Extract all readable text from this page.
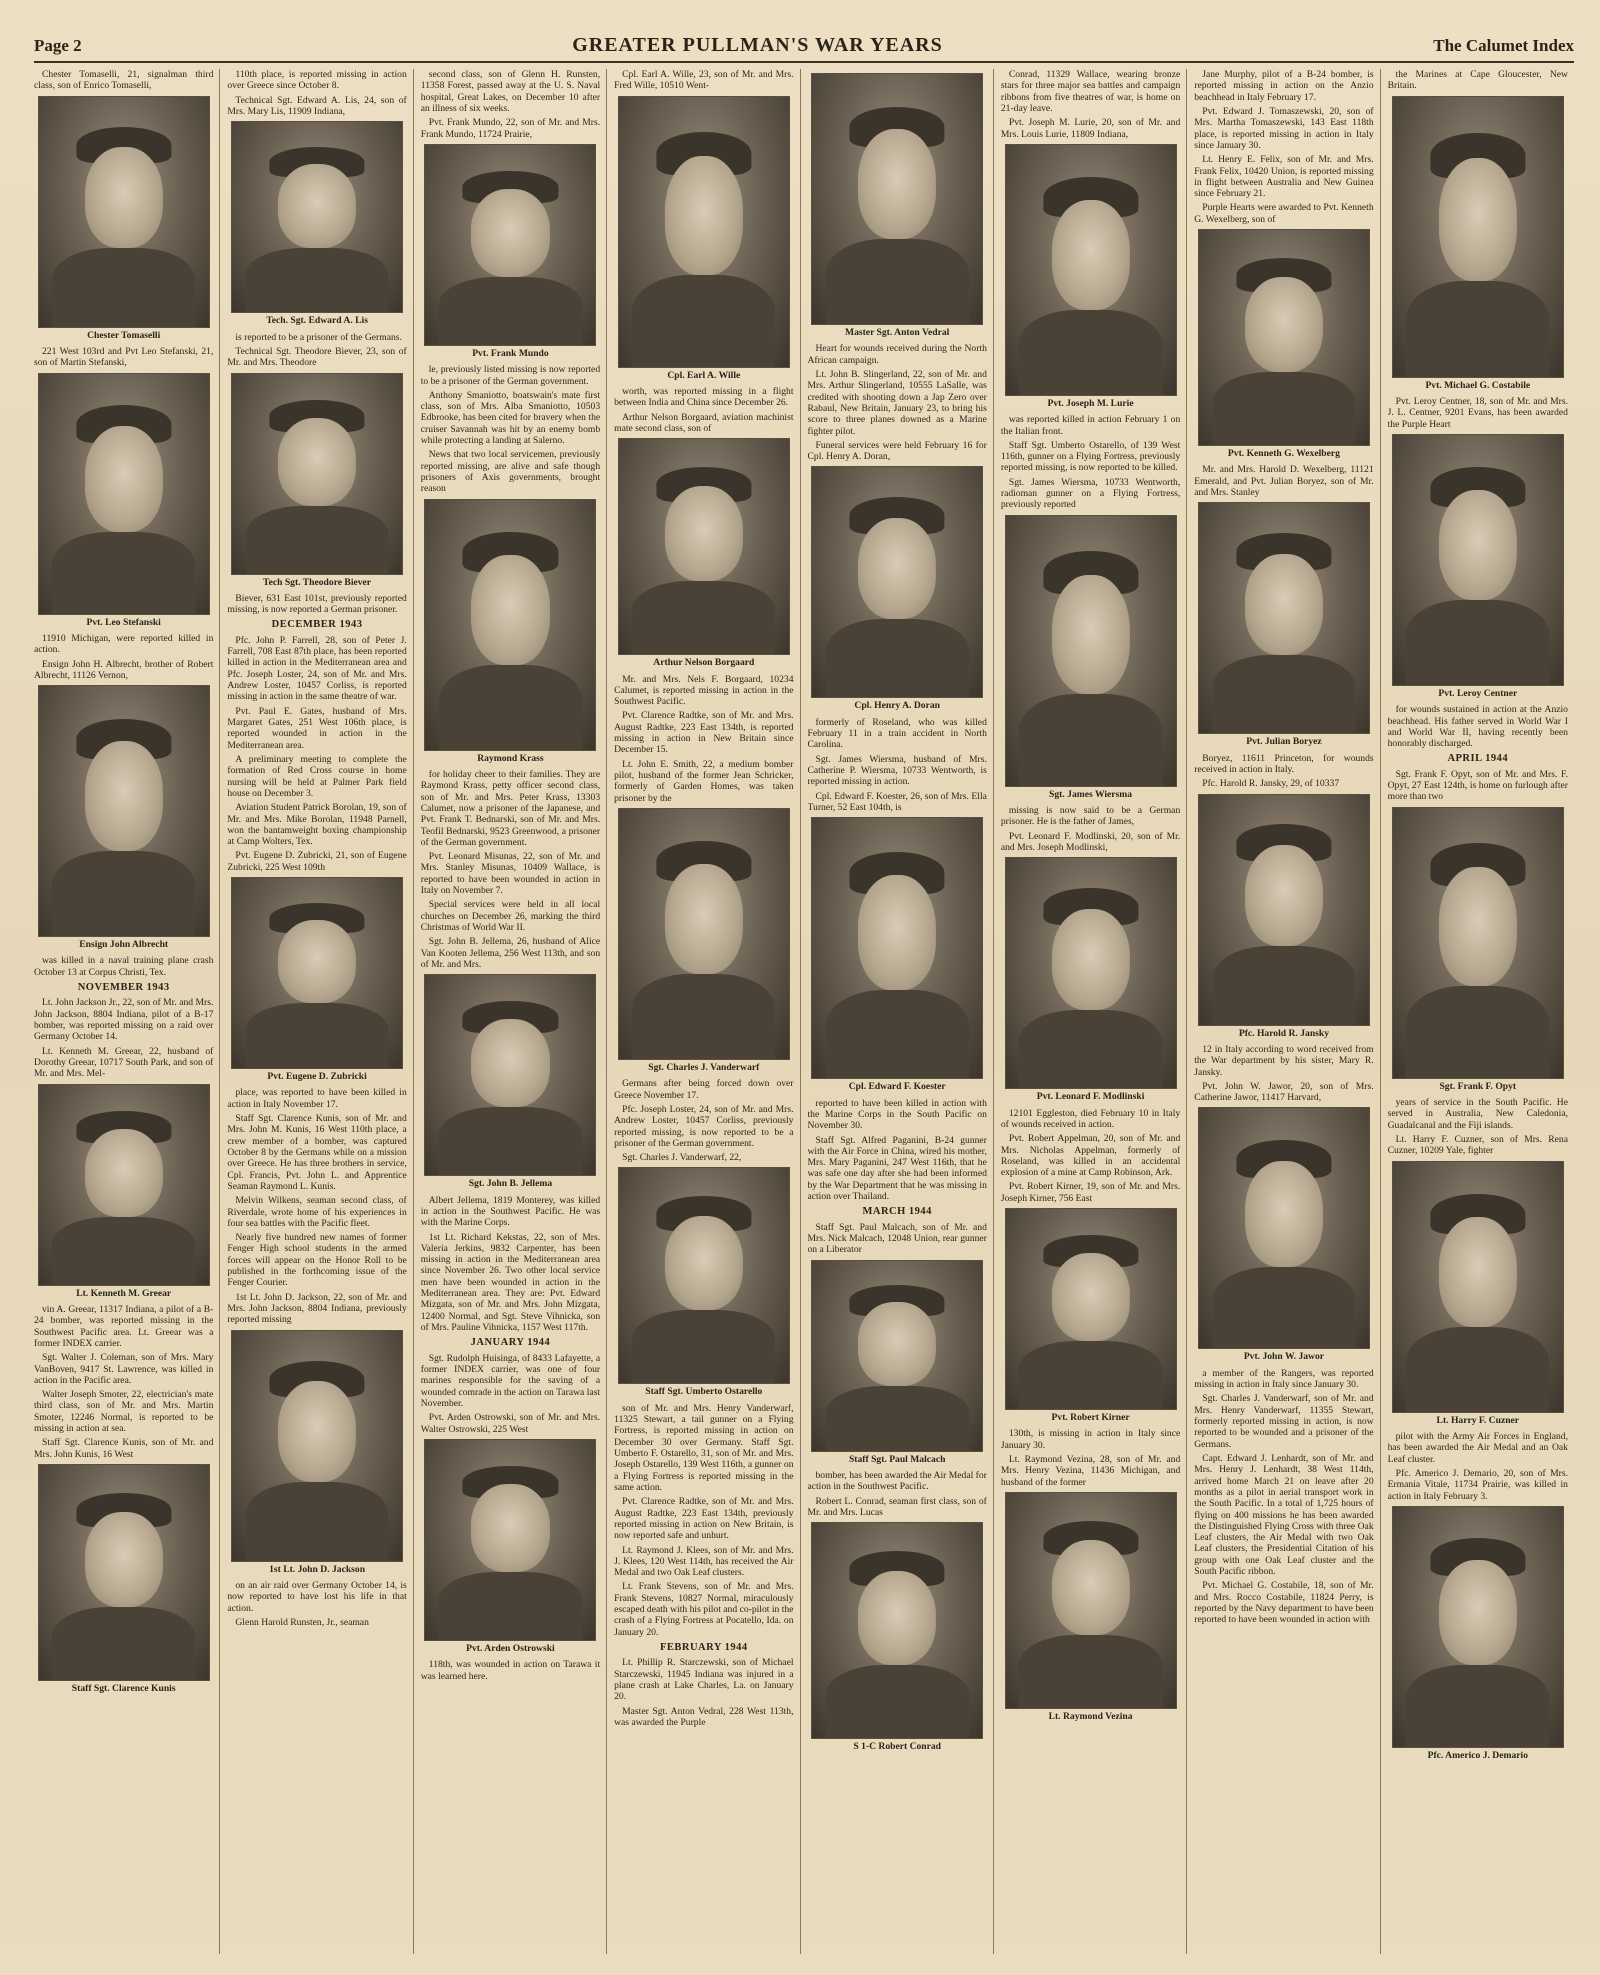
Page 2	GREATER PULLMAN'S WAR YEARS	The Calumet Index

Chester Tomaselli, 21, signalman third class, son of Enrico Tomaselli,

Chester Tomaselli

221 West 103rd and Pvt Leo Stefanski, 21, son of Martin Stefanski,

Pvt. Leo Stefanski

11910 Michigan, were reported killed in action.

Ensign John H. Albrecht, brother of Robert Albrecht, 11126 Vernon,

Ensign John Albrecht

was killed in a naval training plane crash October 13 at Corpus Christi, Tex.

NOVEMBER 1943

Lt. John Jackson Jr., 22, son of Mr. and Mrs. John Jackson, 8804 Indiana, pilot of a B-17 bomber, was reported missing on a raid over Germany October 14.

Lt. Kenneth M. Greear, 22, husband of Dorothy Greear, 10717 South Park, and son of Mr. and Mrs. Mel-

Lt. Kenneth M. Greear

vin A. Greear, 11317 Indiana, a pilot of a B-24 bomber, was reported missing in the Southwest Pacific area. Lt. Greear was a former INDEX carrier.

Sgt. Walter J. Coleman, son of Mrs. Mary VanBoven, 9417 St. Lawrence, was killed in action in the Pacific area.

Walter Joseph Smoter, 22, electrician's mate third class, son of Mr. and Mrs. Martin Smoter, 12246 Normal, is reported to be missing in action at sea.

Staff Sgt. Clarence Kunis, son of Mr. and Mrs. John Kunis, 16 West

Staff Sgt. Clarence Kunis

110th place, is reported missing in action over Greece since October 8.

Technical Sgt. Edward A. Lis, 24, son of Mrs. Mary Lis, 11909 Indiana,

Tech. Sgt. Edward A. Lis

is reported to be a prisoner of the Germans.

Technical Sgt. Theodore Biever, 23, son of Mr. and Mrs. Theodore

Tech Sgt. Theodore Biever

Biever, 631 East 101st, previously reported missing, is now reported a German prisoner.

DECEMBER 1943

Pfc. John P. Farrell, 28, son of Peter J. Farrell, 708 East 87th place, has been reported killed in action in the Mediterranean area and Pfc. Joseph Loster, 24, son of Mr. and Mrs. Andrew Loster, 10457 Corliss, is reported missing in action in the same theatre of war.

Pvt. Paul E. Gates, husband of Mrs. Margaret Gates, 251 West 106th place, is reported wounded in action in the Mediterranean area.

A preliminary meeting to complete the formation of Red Cross course in home nursing will be held at Palmer Park field house on December 3.

Aviation Student Patrick Borolan, 19, son of Mr. and Mrs. Mike Borolan, 11948 Parnell, won the bantamweight boxing championship at Camp Wolters, Tex.

Pvt. Eugene D. Zubricki, 21, son of Eugene Zubricki, 225 West 109th

Pvt. Eugene D. Zubricki

place, was reported to have been killed in action in Italy November 17.

Staff Sgt. Clarence Kunis, son of Mr. and Mrs. John M. Kunis, 16 West 110th place, a crew member of a bomber, was captured October 8 by the Germans while on a mission over Greece. He has three brothers in service, Cpl. Francis, Pvt. John L. and Apprentice Seaman Raymond L. Kunis.

Melvin Wilkens, seaman second class, of Riverdale, wrote home of his experiences in four sea battles with the Pacific fleet.

Nearly five hundred new names of former Fenger High school students in the armed forces will appear on the Honor Roll to be published in the forthcoming issue of the Fenger Courier.

1st Lt. John D. Jackson, 22, son of Mr. and Mrs. John Jackson, 8804 Indiana, previously reported missing

1st Lt. John D. Jackson

on an air raid over Germany October 14, is now reported to have lost his life in that action.

Glenn Harold Runsten, Jr., seaman

second class, son of Glenn H. Runsten, 11358 Forest, passed away at the U. S. Naval hospital, Great Lakes, on December 10 after an illness of six weeks.

Pvt. Frank Mundo, 22, son of Mr. and Mrs. Frank Mundo, 11724 Prairie,

Pvt. Frank Mundo

le, previously listed missing is now reported to be a prisoner of the German government.

Anthony Smaniotto, boatswain's mate first class, son of Mrs. Alba Smaniotto, 10503 Edbrooke, has been cited for bravery when the cruiser Savannah was hit by an enemy bomb while protecting a landing at Salerno.

News that two local servicemen, previously reported missing, are alive and safe though prisoners of Axis governments, brought reason

Raymond Krass

for holiday cheer to their families. They are Raymond Krass, petty officer second class, son of Mr. and Mrs. Peter Krass, 13303 Calumet, now a prisoner of the Japanese, and Pvt. Frank T. Bednarski, son of Mr. and Mrs. Teofil Bednarski, 9523 Greenwood, a prisoner of the German government.

Pvt. Leonard Misunas, 22, son of Mr. and Mrs. Stanley Misunas, 10409 Wallace, is reported to have been wounded in action in Italy on November 7.

Special services were held in all local churches on December 26, marking the third Christmas of World War II.

Sgt. John B. Jellema, 26, husband of Alice Van Kooten Jellema, 256 West 113th, and son of Mr. and Mrs.

Sgt. John B. Jellema

Albert Jellema, 1819 Monterey, was killed in action in the Southwest Pacific. He was with the Marine Corps.

1st Lt. Richard Kekstas, 22, son of Mrs. Valeria Jerkins, 9832 Carpenter, has been missing in action in the Mediterranean area since November 26. Two other local service men have been wounded in action in the Mediterranean area. They are: Pvt. Edward Mizgata, son of Mr. and Mrs. John Mizgata, 12400 Normal, and Sgt. Steve Vihnicka, son of Mrs. Pauline Vihnicka, 1157 West 117th.

JANUARY 1944

Sgt. Rudolph Huisinga, of 8433 Lafayette, a former INDEX carrier, was one of four marines responsible for the saving of a wounded comrade in the action on Tarawa last November.

Pvt. Arden Ostrowski, son of Mr. and Mrs. Walter Ostrowski, 225 West

Pvt. Arden Ostrowski

118th, was wounded in action on Tarawa it was learned here.

Cpl. Earl A. Wille, 23, son of Mr. and Mrs. Fred Wille, 10510 Went-

Cpl. Earl A. Wille

worth, was reported missing in a flight between India and China since December 26.

Arthur Nelson Borgaard, aviation machinist mate second class, son of

Arthur Nelson Borgaard

Mr. and Mrs. Nels F. Borgaard, 10234 Calumet, is reported missing in action in the Southwest Pacific.

Pvt. Clarence Radtke, son of Mr. and Mrs. August Radtke, 223 East 134th, is reported missing in action in New Britain since December 15.

Lt. John E. Smith, 22, a medium bomber pilot, husband of the former Jean Schricker, formerly of Garden Homes, was taken prisoner by the

Sgt. Charles J. Vanderwarf

Germans after being forced down over Greece November 17.

Pfc. Joseph Loster, 24, son of Mr. and Mrs. Andrew Loster, 10457 Corliss, previously reported missing, is now reported to be a prisoner of the German government.

Sgt. Charles J. Vanderwarf, 22,

Staff Sgt. Umberto Ostarello

son of Mr. and Mrs. Henry Vanderwarf, 11325 Stewart, a tail gunner on a Flying Fortress, is reported missing in action on December 30 over Germany. Staff Sgt. Umberto F. Ostarello, 31, son of Mr. and Mrs. Joseph Ostarello, 139 West 116th, a gunner on a Flying Fortress is reported missing in the same action.

Pvt. Clarence Radtke, son of Mr. and Mrs. August Radtke, 223 East 134th, previously reported missing in action on New Britain, is now reported safe and unhurt.

Lt. Raymond J. Klees, son of Mr. and Mrs. J. Klees, 120 West 114th, has received the Air Medal and two Oak Leaf clusters.

Lt. Frank Stevens, son of Mr. and Mrs. Frank Stevens, 10827 Normal, miraculously escaped death with his pilot and co-pilot in the crash of a Flying Fortress at Pocatello, Ida. on January 20.

FEBRUARY 1944

Lt. Phillip R. Starczewski, son of Michael Starczewski, 11945 Indiana was injured in a plane crash at Lake Charles, La. on January 20.

Master Sgt. Anton Vedral, 228 West 113th, was awarded the Purple

Master Sgt. Anton Vedral

Heart for wounds received during the North African campaign.

Lt. John B. Slingerland, 22, son of Mr. and Mrs. Arthur Slingerland, 10555 LaSalle, was credited with shooting down a Jap Zero over Rabaul, New Britain, January 23, to bring his score to three planes downed as a Marine fighter pilot.

Funeral services were held February 16 for Cpl. Henry A. Doran,

Cpl. Henry A. Doran

formerly of Roseland, who was killed February 11 in a train accident in North Carolina.

Sgt. James Wiersma, husband of Mrs. Catherine P. Wiersma, 10733 Wentworth, is reported missing in action.

Cpl. Edward F. Koester, 26, son of Mrs. Ella Turner, 52 East 104th, is

Cpl. Edward F. Koester

reported to have been killed in action with the Marine Corps in the South Pacific on November 30.

Staff Sgt. Alfred Paganini, B-24 gunner with the Air Force in China, wired his mother, Mrs. Mary Paganini, 247 West 116th, that he was safe one day after she had been informed by the War Department that he was missing in action over Thailand.

MARCH 1944

Staff Sgt. Paul Malcach, son of Mr. and Mrs. Nick Malcach, 12048 Union, rear gunner on a Liberator

Staff Sgt. Paul Malcach

bomber, has been awarded the Air Medal for action in the Southwest Pacific.

Robert L. Conrad, seaman first class, son of Mr. and Mrs. Lucas

S 1-C Robert Conrad

Conrad, 11329 Wallace, wearing bronze stars for three major sea battles and campaign ribbons from five theatres of war, is home on 21-day leave.

Pvt. Joseph M. Lurie, 20, son of Mr. and Mrs. Louis Lurie, 11809 Indiana,

Pvt. Joseph M. Lurie

was reported killed in action February 1 on the Italian front.

Staff Sgt. Umberto Ostarello, of 139 West 116th, gunner on a Flying Fortress, previously reported missing, is now reported to be killed.

Sgt. James Wiersma, 10733 Wentworth, radioman gunner on a Flying Fortress, previously reported

Sgt. James Wiersma

missing is now said to be a German prisoner. He is the father of James,

Pvt. Leonard F. Modlinski, 20, son of Mr. and Mrs. Joseph Modlinski,

Pvt. Leonard F. Modlinski

12101 Eggleston, died February 10 in Italy of wounds received in action.

Pvt. Robert Appelman, 20, son of Mr. and Mrs. Nicholas Appelman, formerly of Roseland, was killed in an accidental explosion of a mine at Camp Robinson, Ark.

Pvt. Robert Kirner, 19, son of Mr. and Mrs. Joseph Kirner, 756 East

Pvt. Robert Kirner

130th, is missing in action in Italy since January 30.

Lt. Raymond Vezina, 28, son of Mr. and Mrs. Henry Vezina, 11436 Michigan, and husband of the former

Lt. Raymond Vezina

Jane Murphy, pilot of a B-24 bomber, is reported missing in action on the Anzio beachhead in Italy February 17.

Pvt. Edward J. Tomaszewski, 20, son of Mrs. Martha Tomaszewski, 143 East 118th place, is reported missing in action in Italy since January 30.

Lt. Henry E. Felix, son of Mr. and Mrs. Frank Felix, 10420 Union, is reported missing in flight between Australia and New Guinea since February 21.

Purple Hearts were awarded to Pvt. Kenneth G. Wexelberg, son of

Pvt. Kenneth G. Wexelberg

Mr. and Mrs. Harold D. Wexelberg, 11121 Emerald, and Pvt. Julian Boryez, son of Mr. and Mrs. Stanley

Pvt. Julian Boryez

Boryez, 11611 Princeton, for wounds received in action in Italy.

Pfc. Harold R. Jansky, 29, of 10337

Pfc. Harold R. Jansky

12 in Italy according to word received from the War department by his sister, Mary R. Jansky.

Pvt. John W. Jawor, 20, son of Mrs. Catherine Jawor, 11417 Harvard,

Pvt. John W. Jawor

a member of the Rangers, was reported missing in action in Italy since January 30.

Sgt. Charles J. Vanderwarf, son of Mr. and Mrs. Henry Vanderwarf, 11355 Stewart, formerly reported missing in action, is now reported to be wounded and a prisoner of the Germans.

Capt. Edward J. Lenhardt, son of Mr. and Mrs. Henry J. Lenhardt, 38 West 114th, arrived home March 21 on leave after 20 months as a pilot in aerial transport work in the South Pacific. In a total of 1,725 hours of flying on 400 missions he has been awarded the Distinguished Flying Cross with three Oak Leaf clusters, the Air Medal with two Oak Leaf clusters, the Presidential Citation of his group with one Oak Leaf cluster and the South Pacific ribbon.

Pvt. Michael G. Costabile, 18, son of Mr. and Mrs. Rocco Costabile, 11824 Perry, is reported by the Navy department to have been reported to have been wounded in action with

the Marines at Cape Gloucester, New Britain.

Pvt. Michael G. Costabile

Pvt. Leroy Centner, 18, son of Mr. and Mrs. J. L. Centner, 9201 Evans, has been awarded the Purple Heart

Pvt. Leroy Centner

for wounds sustained in action at the Anzio beachhead. His father served in World War I and World War II, having recently been honorably discharged.

APRIL 1944

Sgt. Frank F. Opyt, son of Mr. and Mrs. F. Opyt, 27 East 124th, is home on furlough after more than two

Sgt. Frank F. Opyt

years of service in the South Pacific. He served in Australia, New Caledonia, Guadalcanal and the Fiji islands.

Lt. Harry F. Cuzner, son of Mrs. Rena Cuzner, 10209 Yale, fighter

Lt. Harry F. Cuzner

pilot with the Army Air Forces in England, has been awarded the Air Medal and an Oak Leaf cluster.

Pfc. Americo J. Demario, 20, son of Mrs. Ermania Vitale, 11734 Prairie, was killed in action in Italy February 3.

Pfc. Americo J. Demario
